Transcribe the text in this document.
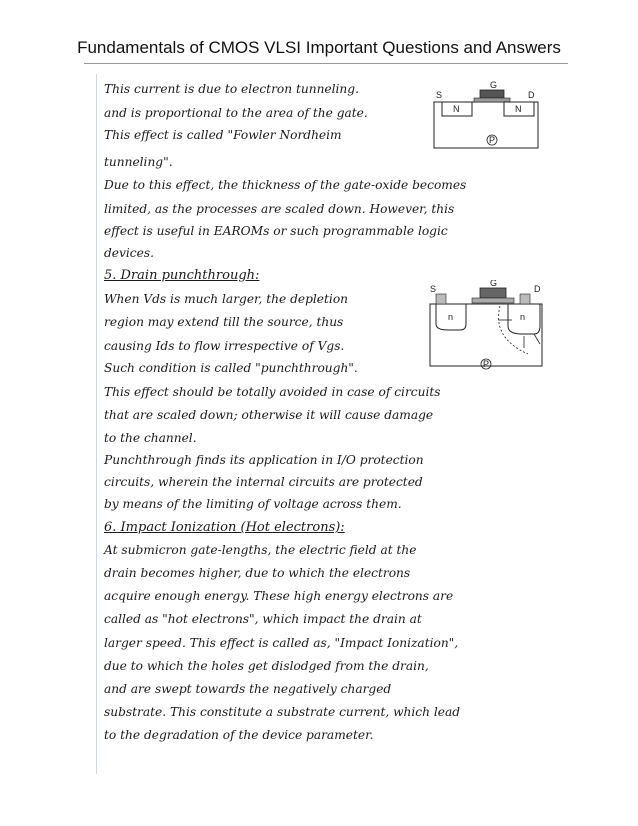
Fundamentals of CMOS VLSI Important Questions and Answers
This current is due to electron tunneling.
and is proportional to the area of the gate.
This effect is called "Fowler Nordheim
tunneling".
Due to this effect, the thickness of the gate-oxide becomes
limited, as the processes are scaled down. However, this
effect is useful in EAROMs or such programmable logic
devices.
5. Drain punchthrough:
When Vds is much larger, the depletion
region may extend till the source, thus
causing Ids to flow irrespective of Vgs.
Such condition is called "punchthrough".
This effect should be totally avoided in case of circuits
that are scaled down; otherwise it will cause damage
to the channel.
Punchthrough finds its application in I/O protection
circuits, wherein the internal circuits are protected
by means of the limiting of voltage across them.
6. Impact Ionization (Hot electrons):
At submicron gate-lengths, the electric field at the
drain becomes higher, due to which the electrons
acquire enough energy. These high energy electrons are
called as "hot electrons", which impact the drain at
larger speed. This effect is called as, "Impact Ionization",
due to which the holes get dislodged from the drain,
and are swept towards the negatively charged
substrate. This constitute a substrate current, which lead
to the degradation of the device parameter.
S
G
D
N	N
P
S
G
D
n	n
P
